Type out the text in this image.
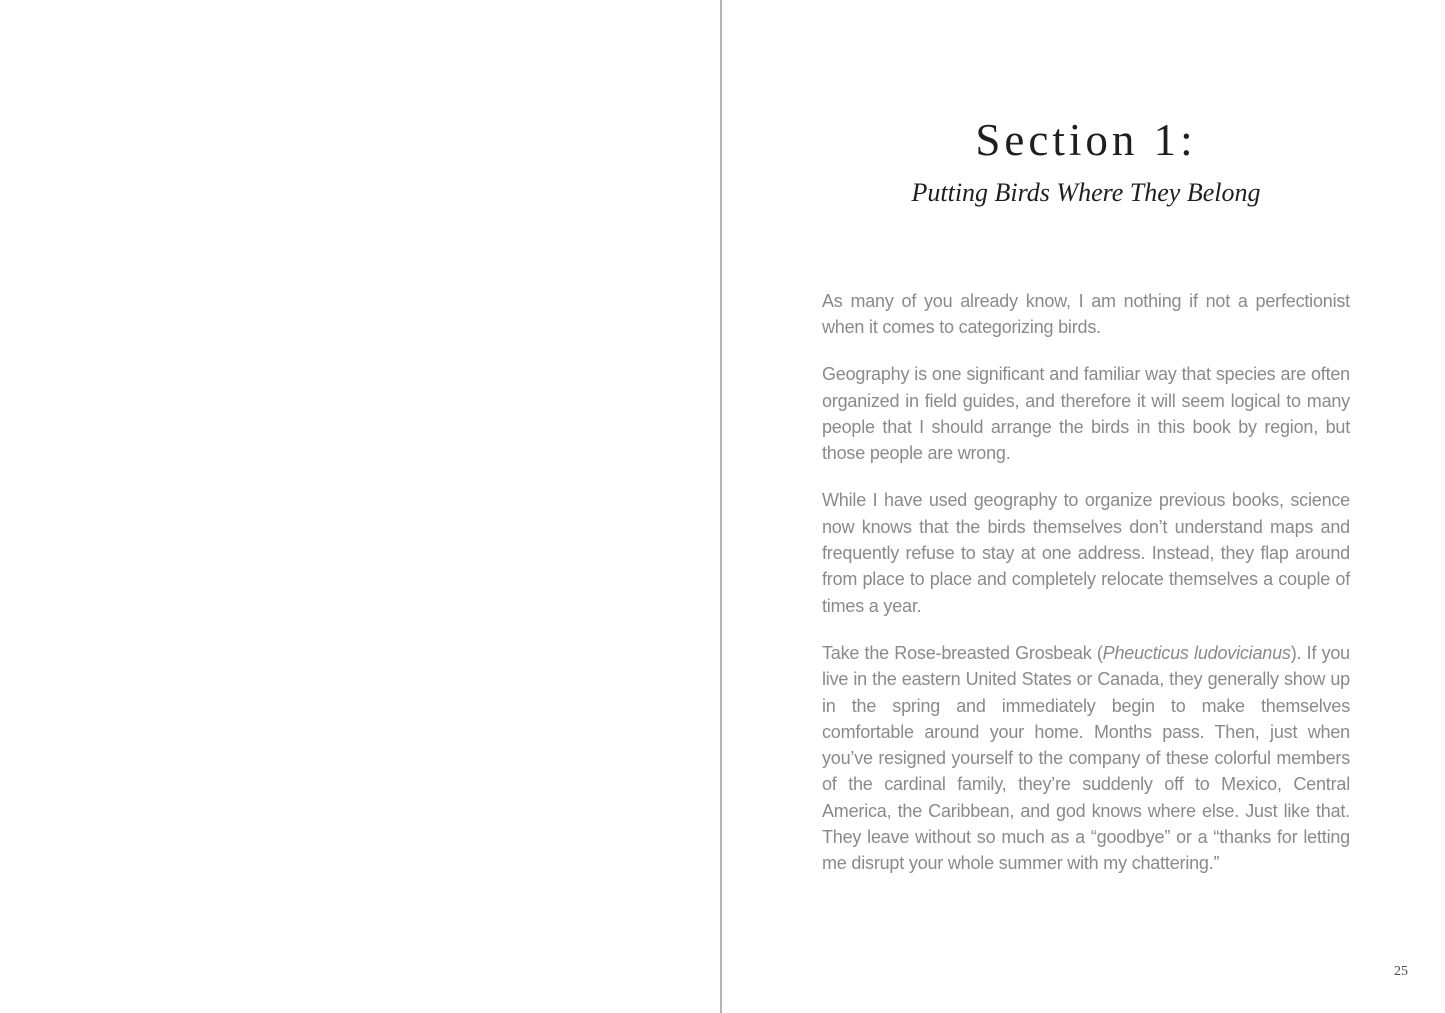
Section 1:
Putting Birds Where They Belong

As many of you already know, I am nothing if not a perfectionist when it comes to categorizing birds.

Geography is one significant and familiar way that species are often organized in field guides, and therefore it will seem logical to many people that I should arrange the birds in this book by region, but those people are wrong.

While I have used geography to organize previous books, science now knows that the birds themselves don’t understand maps and frequently refuse to stay at one address. Instead, they flap around from place to place and completely relocate themselves a couple of times a year.

Take the Rose-breasted Grosbeak (Pheucticus ludovicianus). If you live in the eastern United States or Canada, they generally show up in the spring and immediately begin to make themselves comfortable around your home. Months pass. Then, just when you’ve resigned yourself to the company of these colorful members of the cardinal family, they’re suddenly off to Mexico, Central America, the Caribbean, and god knows where else. Just like that. They leave without so much as a “goodbye” or a “thanks for letting me disrupt your whole summer with my chattering.”

25
